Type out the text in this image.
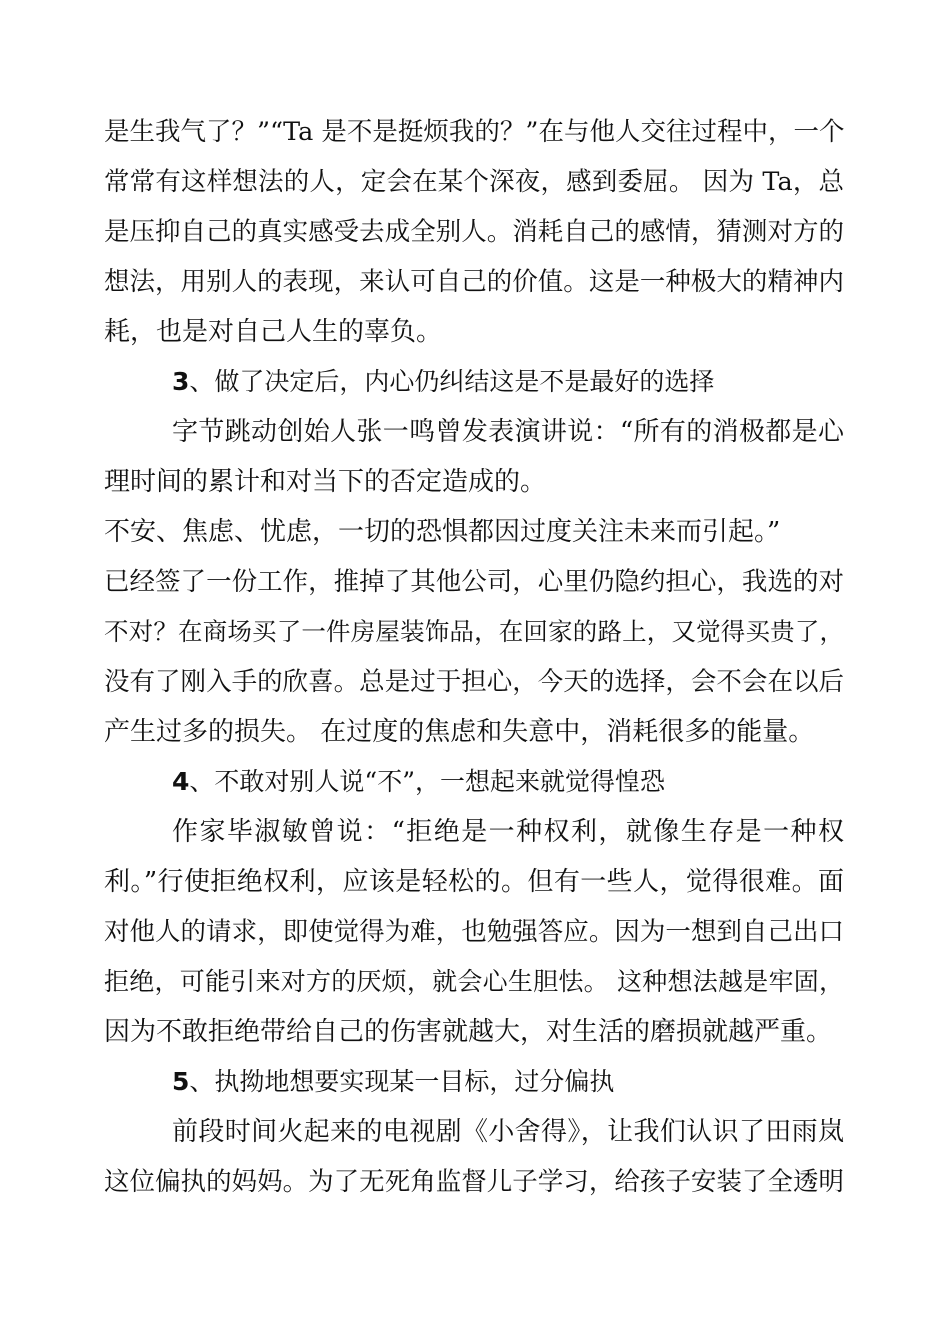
是生我气了？”“Ta 是不是挺烦我的？”在与他人交往过程中，一个
常常有这样想法的人，定会在某个深夜，感到委屈。 因为 Ta，总
是压抑自己的真实感受去成全别人。消耗自己的感情，猜测对方的
想法，用别人的表现，来认可自己的价值。这是一种极大的精神内
耗，也是对自己人生的辜负。
3、做了决定后，内心仍纠结这是不是最好的选择
字节跳动创始人张一鸣曾发表演讲说：“所有的消极都是心
理时间的累计和对当下的否定造成的。
不安、焦虑、忧虑，一切的恐惧都因过度关注未来而引起。”
已经签了一份工作，推掉了其他公司，心里仍隐约担心，我选的对
不对？在商场买了一件房屋装饰品，在回家的路上，又觉得买贵了，
没有了刚入手的欣喜。总是过于担心，今天的选择，会不会在以后
产生过多的损失。 在过度的焦虑和失意中，消耗很多的能量。
4、不敢对别人说“不”，一想起来就觉得惶恐
作家毕淑敏曾说：“拒绝是一种权利，就像生存是一种权
利。”行使拒绝权利，应该是轻松的。但有一些人，觉得很难。面
对他人的请求，即使觉得为难，也勉强答应。因为一想到自己出口
拒绝，可能引来对方的厌烦，就会心生胆怯。 这种想法越是牢固，
因为不敢拒绝带给自己的伤害就越大，对生活的磨损就越严重。
5、执拗地想要实现某一目标，过分偏执
前段时间火起来的电视剧《小舍得》，让我们认识了田雨岚
这位偏执的妈妈。为了无死角监督儿子学习，给孩子安装了全透明
